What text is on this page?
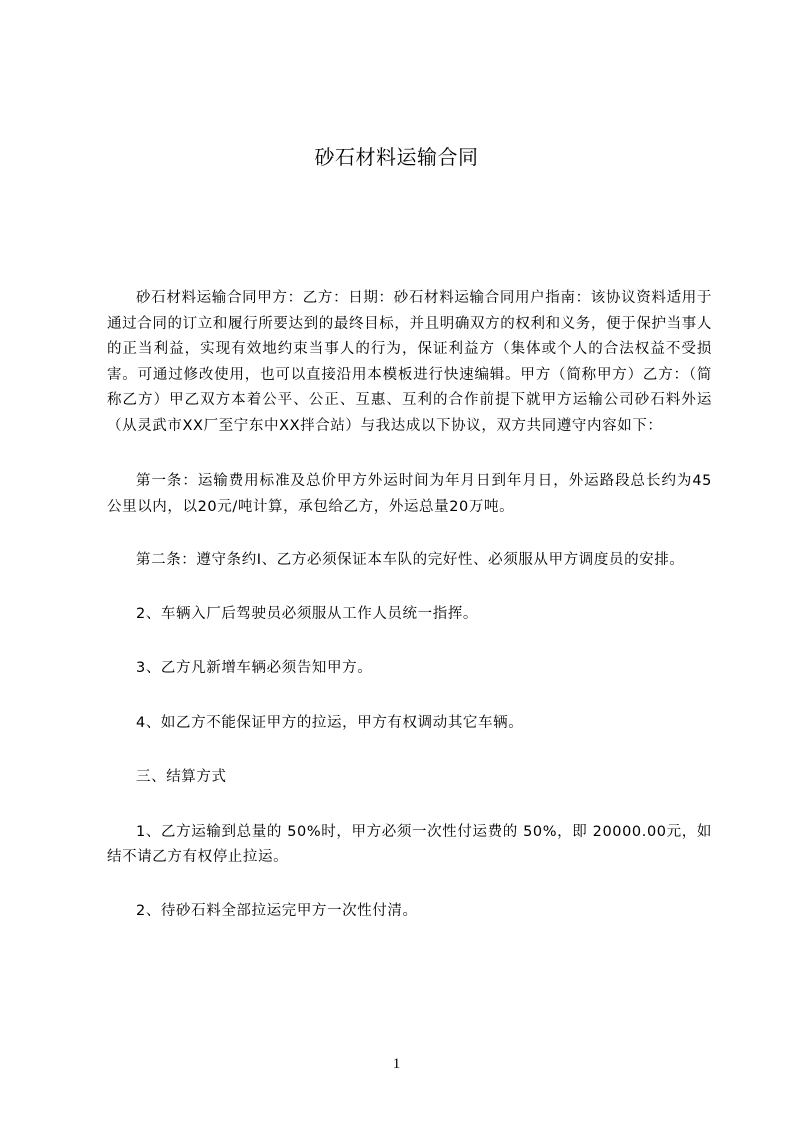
砂石材料运输合同

砂石材料运输合同甲方：乙方：日期：砂石材料运输合同用户指南：该协议资料适用于通过合同的订立和履行所要达到的最终目标，并且明确双方的权利和义务，便于保护当事人的正当利益，实现有效地约束当事人的行为，保证利益方（集体或个人的合法权益不受损害。可通过修改使用，也可以直接沿用本模板进行快速编辑。甲方（简称甲方）乙方：（简称乙方）甲乙双方本着公平、公正、互惠、互利的合作前提下就甲方运输公司砂石料外运（从灵武市XX厂至宁东中XX拌合站）与我达成以下协议，双方共同遵守内容如下：

第一条：运输费用标准及总价甲方外运时间为年月日到年月日，外运路段总长约为45公里以内，以20元/吨计算，承包给乙方，外运总量20万吨。

第二条：遵守条约Ⅰ、乙方必须保证本车队的完好性、必须服从甲方调度员的安排。

2、车辆入厂后驾驶员必须服从工作人员统一指挥。

3、乙方凡新增车辆必须告知甲方。

4、如乙方不能保证甲方的拉运，甲方有权调动其它车辆。

三、结算方式

1、乙方运输到总量的 50%时，甲方必须一次性付运费的 50%，即 20000.00元，如结不请乙方有权停止拉运。

2、待砂石料全部拉运完甲方一次性付清。

1
